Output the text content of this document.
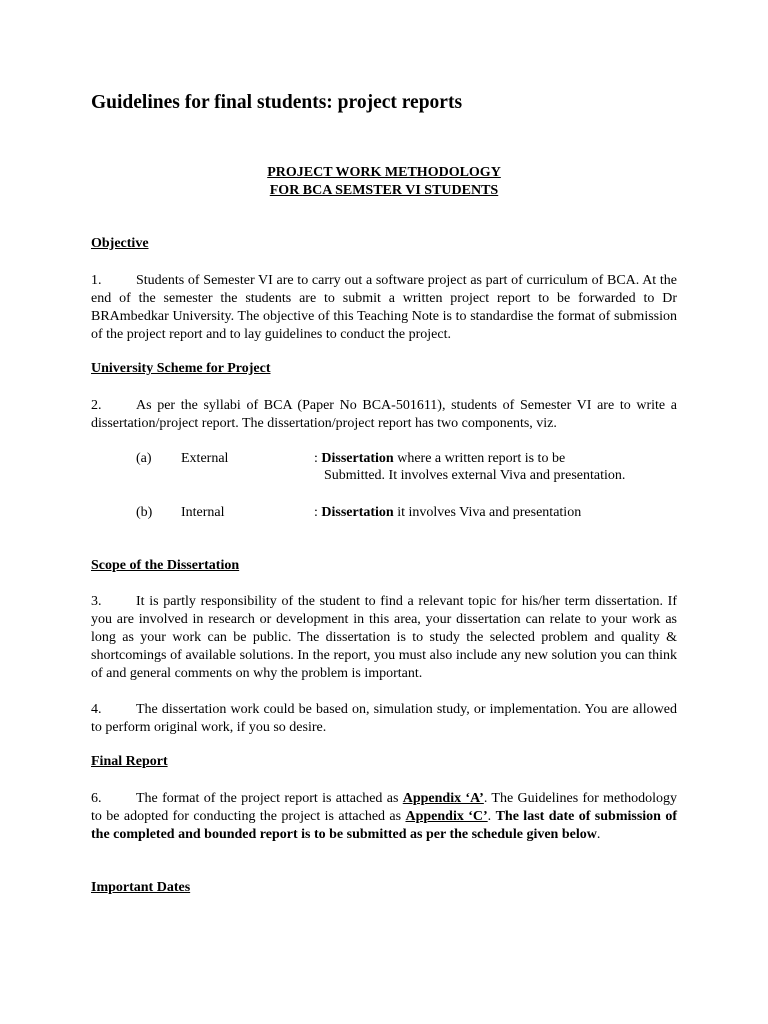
Guidelines for final students: project reports
PROJECT WORK METHODOLOGY
FOR BCA SEMSTER VI STUDENTS
Objective
1. Students of Semester VI are to carry out a software project as part of curriculum of BCA. At the end of the semester the students are to submit a written project report to be forwarded to Dr BRAmbedkar University. The objective of this Teaching Note is to standardise the format of submission of the project report and to lay guidelines to conduct the project.
University Scheme for Project
2. As per the syllabi of BCA (Paper No BCA-501611), students of Semester VI are to write a dissertation/project report. The dissertation/project report has two components, viz.
(a) External	: Dissertation where a written report is to be
Submitted. It involves external Viva and presentation.
(b) Internal	: Dissertation it involves Viva and presentation
Scope of the Dissertation
3. It is partly responsibility of the student to find a relevant topic for his/her term dissertation. If you are involved in research or development in this area, your dissertation can relate to your work as long as your work can be public. The dissertation is to study the selected problem and quality & shortcomings of available solutions. In the report, you must also include any new solution you can think of and general comments on why the problem is important.
4. The dissertation work could be based on, simulation study, or implementation. You are allowed to perform original work, if you so desire.
Final Report
6. The format of the project report is attached as Appendix ‘A’. The Guidelines for methodology to be adopted for conducting the project is attached as Appendix ‘C’. The last date of submission of the completed and bounded report is to be submitted as per the schedule given below.
Important Dates
